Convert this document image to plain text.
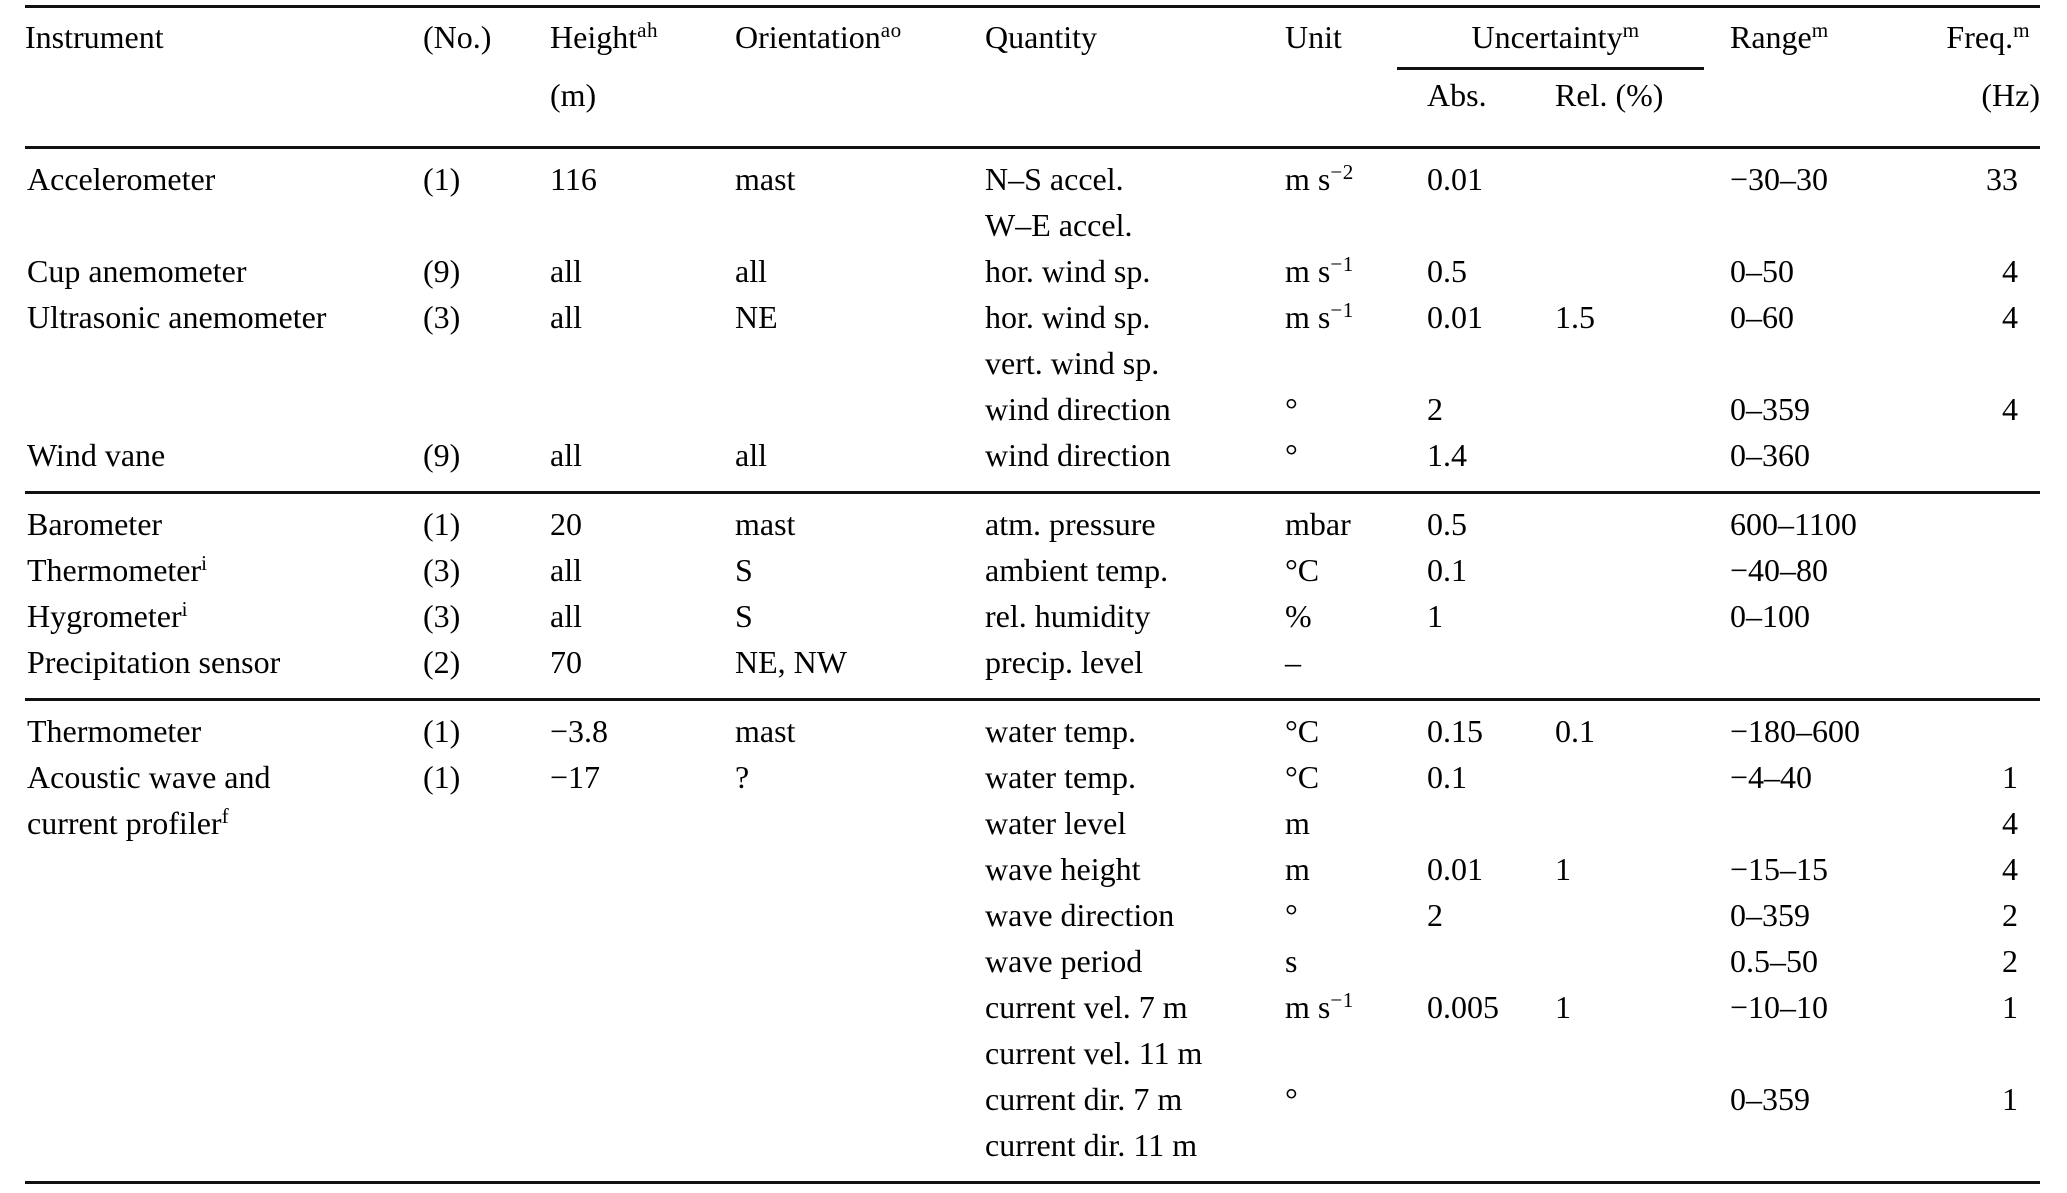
Instrument	(No.)	Height$^{ah}$	Orientation$^{ao}$	Quantity	Unit	Uncertainty$^m$		Range$^m$	Freq.$^m$
		(m)				Abs.	Rel. (%)		(Hz)
Accelerometer	(1)	116	mast	N–S accel.	m $s^{-2}$	0.01		−30–30	33
				W–E accel.					
Cup anemometer	(9)	all	all	hor. wind sp.	m $s^{-1}$	0.5		0–50	4
Ultrasonic anemometer	(3)	all	NE	hor. wind sp.	m $s^{-1}$	0.01	1.5	0–60	4
				vert. wind sp.					
				wind direction	°	2		0–359	4
Wind vane	(9)	all	all	wind direction	°	1.4		0–360	
Barometer	(1)	20	mast	atm. pressure	mbar	0.5		600–1100	
Thermometer$^i$	(3)	all	S	ambient temp.	°C	0.1		−40–80	
Hygrometer$^i$	(3)	all	S	rel. humidity	%	1		0–100	
Precipitation sensor	(2)	70	NE, NW	precip. level	–				
Thermometer	(1)	−3.8	mast	water temp.	°C	0.15	0.1	−180–600	
Acoustic wave and	(1)	−17	?	water temp.	°C	0.1		−4–40	1
current profiler$^f$				water level	m				4
				wave height	m	0.01	1	−15–15	4
				wave direction	°	2		0–359	2
				wave period	s			0.5–50	2
				current vel. 7 m	m $s^{-1}$	0.005	1	−10–10	1
				current vel. 11 m					
				current dir. 7 m	°			0–359	1
				current dir. 11 m					
